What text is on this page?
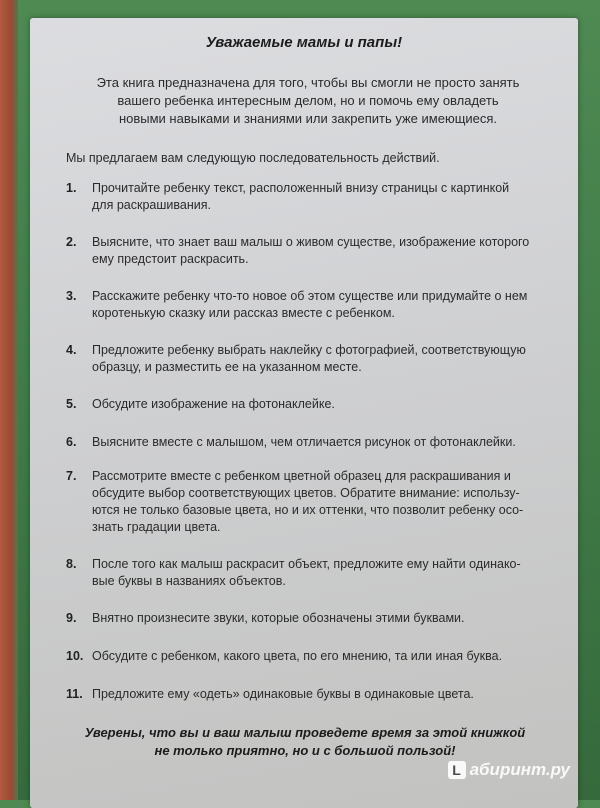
Уважаемые мамы и папы!
Эта книга предназначена для того, чтобы вы смогли не просто занять
вашего ребенка интересным делом, но и помочь ему овладеть
новыми навыками и знаниями или закрепить уже имеющиеся.
Мы предлагаем вам следующую последовательность действий.
1.	Прочитайте ребенку текст, расположенный внизу страницы с картинкой
для раскрашивания.
2.	Выясните, что знает ваш малыш о живом существе, изображение которого
ему предстоит раскрасить.
3.	Расскажите ребенку что-то новое об этом существе или придумайте о нем
коротенькую сказку или рассказ вместе с ребенком.
4.	Предложите ребенку выбрать наклейку с фотографией, соответствующую
образцу, и разместить ее на указанном месте.
5.	Обсудите изображение на фотонаклейке.
6.	Выясните вместе с малышом, чем отличается рисунок от фотонаклейки.
7.	Рассмотрите вместе с ребенком цветной образец для раскрашивания и
обсудите выбор соответствующих цветов. Обратите внимание: использу-
ются не только базовые цвета, но и их оттенки, что позволит ребенку осо-
знать градации цвета.
8.	После того как малыш раскрасит объект, предложите ему найти одинако-
вые буквы в названиях объектов.
9.	Внятно произнесите звуки, которые обозначены этими буквами.
10. Обсудите с ребенком, какого цвета, по его мнению, та или иная буква.
11. Предложите ему «одеть» одинаковые буквы в одинаковые цвета.
Уверены, что вы и ваш малыш проведете время за этой книжкой
не только приятно, но и с большой пользой!
L абиринт.ру
